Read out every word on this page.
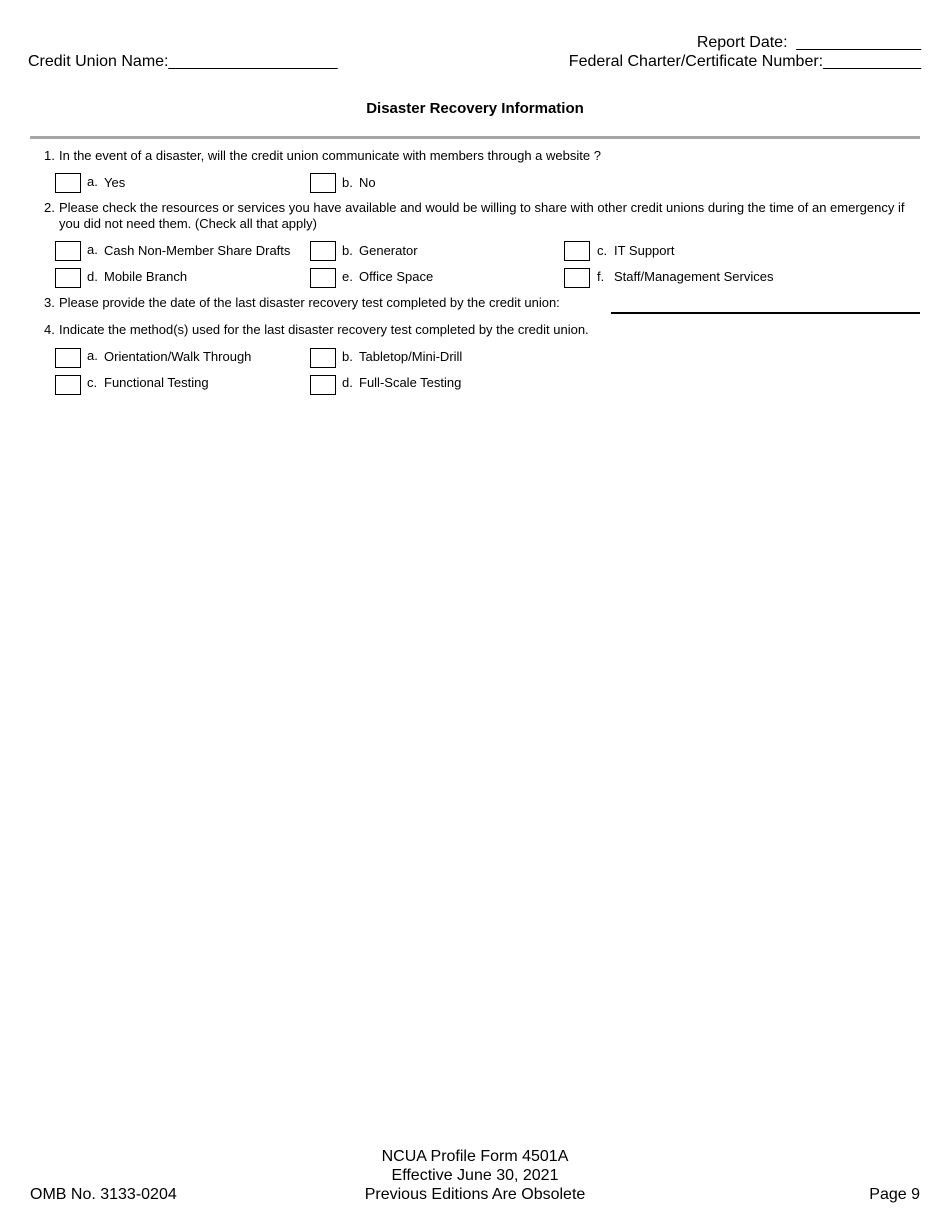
Credit Union Name:___________________
Report Date:  ______________
Federal Charter/Certificate Number:___________
Disaster Recovery Information
1. In the event of a disaster, will the credit union communicate with members through a website ?
a. Yes	b. No
2. Please check the resources or services you have available and would be willing to share with other credit unions during the time of an emergency if you did not need them. (Check all that apply)
a. Cash Non-Member Share Drafts	b. Generator	c. IT Support
d. Mobile Branch	e. Office Space	f. Staff/Management Services
3. Please provide the date of the last disaster recovery test completed by the credit union:
4. Indicate the method(s) used for the last disaster recovery test completed by the credit union.
a. Orientation/Walk Through	b. Tabletop/Mini-Drill
c. Functional Testing	d. Full-Scale Testing
OMB No. 3133-0204
NCUA Profile Form 4501A
Effective June 30, 2021
Previous Editions Are Obsolete	Page 9
